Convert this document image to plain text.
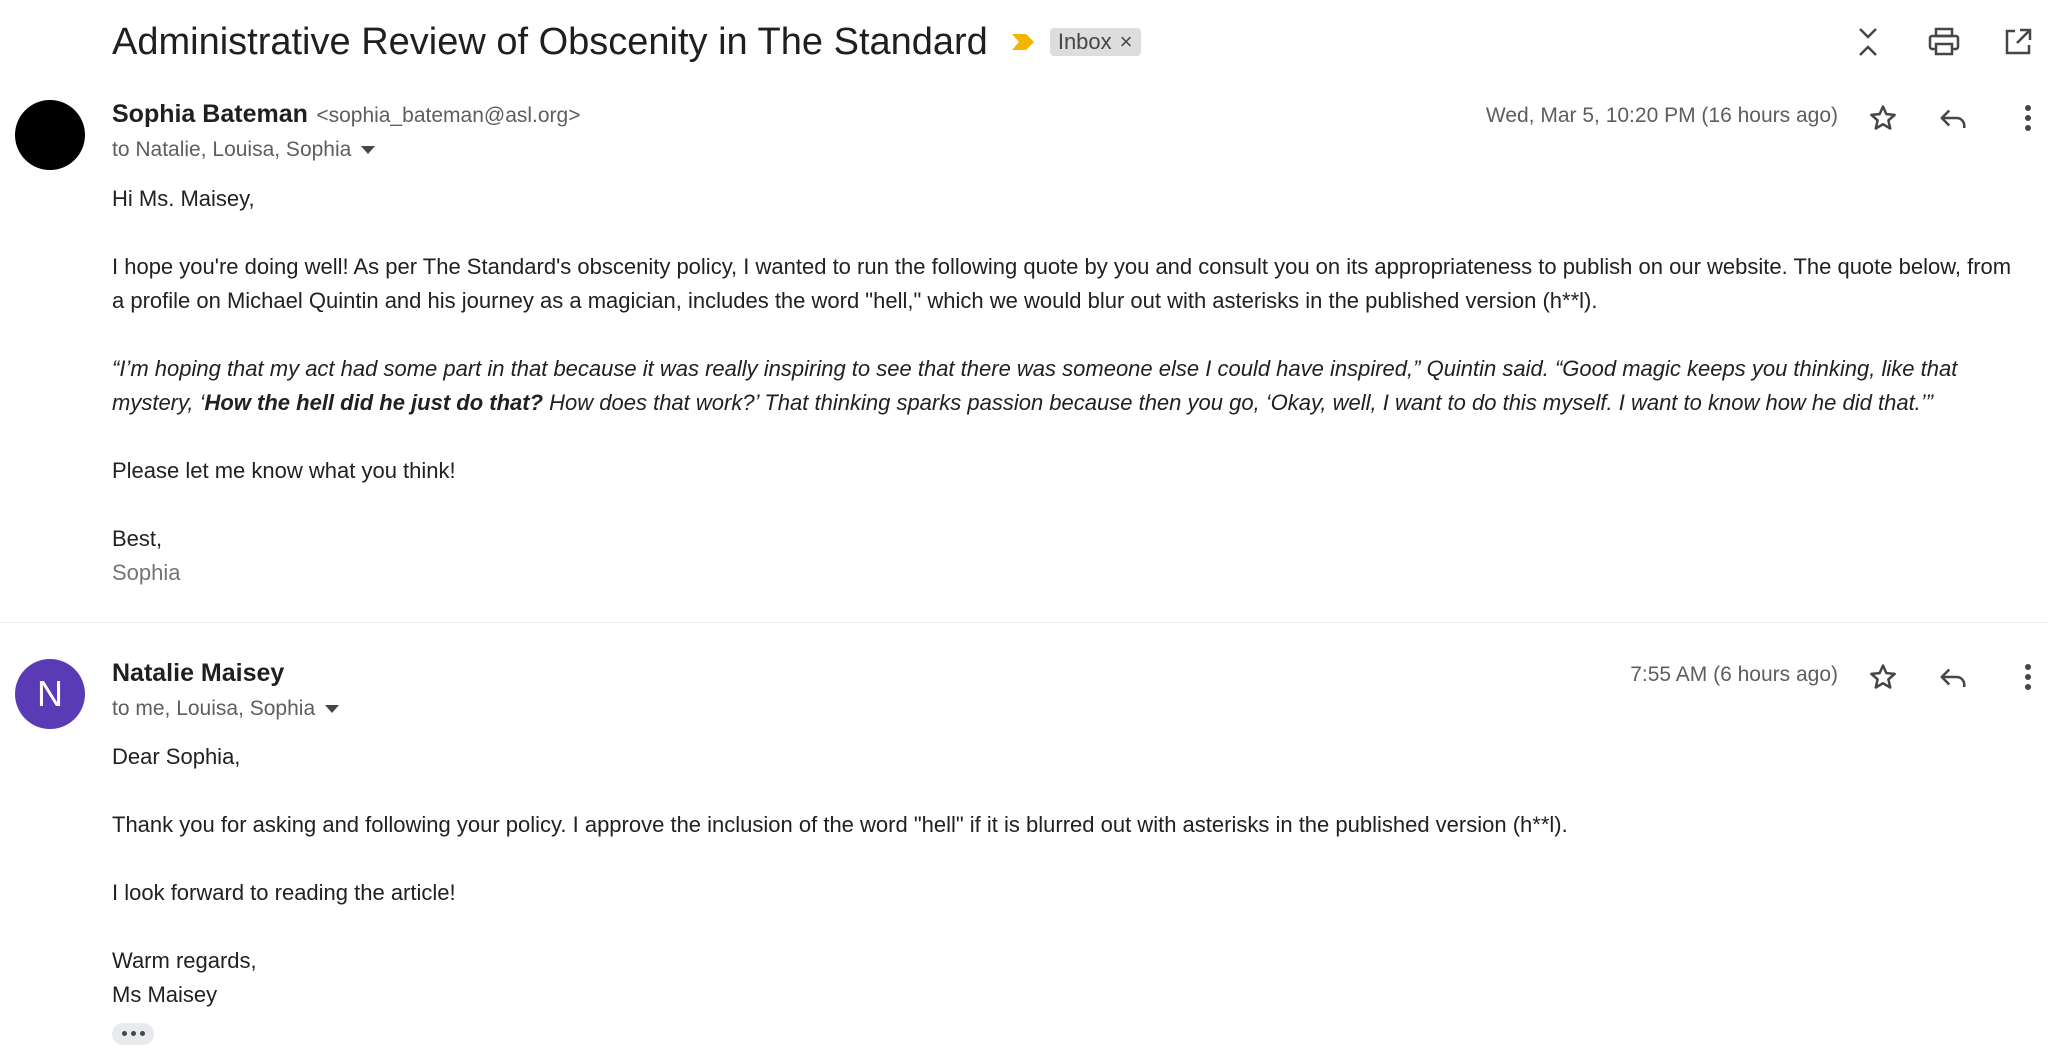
Administrative Review of Obscenity in The Standard	Inbox ×
Sophia Bateman <sophia_bateman@asl.org>
to Natalie, Louisa, Sophia
Wed, Mar 5, 10:20 PM (16 hours ago)

Hi Ms. Maisey,

I hope you're doing well! As per The Standard's obscenity policy, I wanted to run the following quote by you and consult you on its appropriateness to publish on our website. The quote below, from a profile on Michael Quintin and his journey as a magician, includes the word "hell," which we would blur out with asterisks in the published version (h**l).

“I’m hoping that my act had some part in that because it was really inspiring to see that there was someone else I could have inspired,” Quintin said. “Good magic keeps you thinking, like that mystery, ‘How the hell did he just do that? How does that work?’ That thinking sparks passion because then you go, ‘Okay, well, I want to do this myself. I want to know how he did that.’”

Please let me know what you think!

Best,

Sophia

N Natalie Maisey
to me, Louisa, Sophia
7:55 AM (6 hours ago)

Dear Sophia,

Thank you for asking and following your policy. I approve the inclusion of the word "hell" if it is blurred out with asterisks in the published version (h**l).

I look forward to reading the article!

Warm regards,

Ms Maisey
